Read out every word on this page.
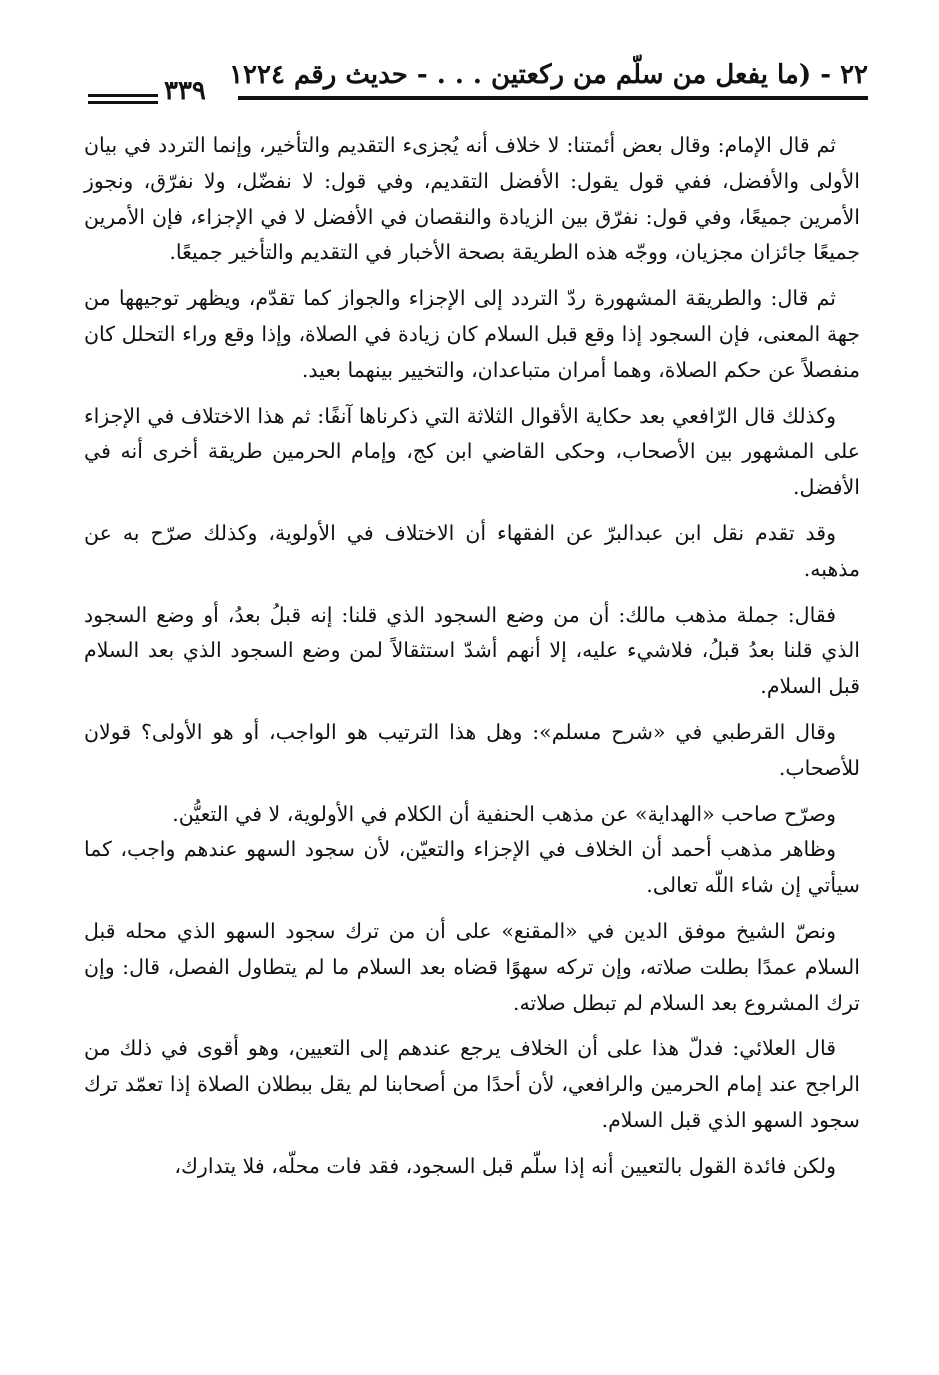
٢٢ - (ما يفعل من سلّم من ركعتين . . . - حديث رقم ١٢٢٤
٣٣٩

ثم قال الإمام: وقال بعض أئمتنا: لا خلاف أنه يُجزىء التقديم والتأخير، وإنما التردد في بيان الأولى والأفضل، ففي قول يقول: الأفضل التقديم، وفي قول: لا نفضّل، ولا نفرّق، ونجوز الأمرين جميعًا، وفي قول: نفرّق بين الزيادة والنقصان في الأفضل لا في الإجزاء، فإن الأمرين جميعًا جائزان مجزيان، ووجّه هذه الطريقة بصحة الأخبار في التقديم والتأخير جميعًا.

ثم قال: والطريقة المشهورة ردّ التردد إلى الإجزاء والجواز كما تقدّم، ويظهر توجيهها من جهة المعنى، فإن السجود إذا وقع قبل السلام كان زيادة في الصلاة، وإذا وقع وراء التحلل كان منفصلاً عن حكم الصلاة، وهما أمران متباعدان، والتخيير بينهما بعيد.

وكذلك قال الرّافعي بعد حكاية الأقوال الثلاثة التي ذكرناها آنفًا: ثم هذا الاختلاف في الإجزاء على المشهور بين الأصحاب، وحكى القاضي ابن كج، وإمام الحرمين طريقة أخرى أنه في الأفضل.

وقد تقدم نقل ابن عبدالبرّ عن الفقهاء أن الاختلاف في الأولوية، وكذلك صرّح به عن مذهبه.

فقال: جملة مذهب مالك: أن من وضع السجود الذي قلنا: إنه قبلُ بعدُ، أو وضع السجود الذي قلنا بعدُ قبلُ، فلاشيء عليه، إلا أنهم أشدّ استثقالاً لمن وضع السجود الذي بعد السلام قبل السلام.

وقال القرطبي في «شرح مسلم»: وهل هذا الترتيب هو الواجب، أو هو الأولى؟ قولان للأصحاب.

وصرّح صاحب «الهداية» عن مذهب الحنفية أن الكلام في الأولوية، لا في التعيُّن.

وظاهر مذهب أحمد أن الخلاف في الإجزاء والتعيّن، لأن سجود السهو عندهم واجب، كما سيأتي إن شاء اللّه تعالى.

ونصّ الشيخ موفق الدين في «المقنع» على أن من ترك سجود السهو الذي محله قبل السلام عمدًا بطلت صلاته، وإن تركه سهوًا قضاه بعد السلام ما لم يتطاول الفصل، قال: وإن ترك المشروع بعد السلام لم تبطل صلاته.

قال العلائي: فدلّ هذا على أن الخلاف يرجع عندهم إلى التعيين، وهو أقوى في ذلك من الراجح عند إمام الحرمين والرافعي، لأن أحدًا من أصحابنا لم يقل ببطلان الصلاة إذا تعمّد ترك سجود السهو الذي قبل السلام.

ولكن فائدة القول بالتعيين أنه إذا سلّم قبل السجود، فقد فات محلّه، فلا يتدارك،
